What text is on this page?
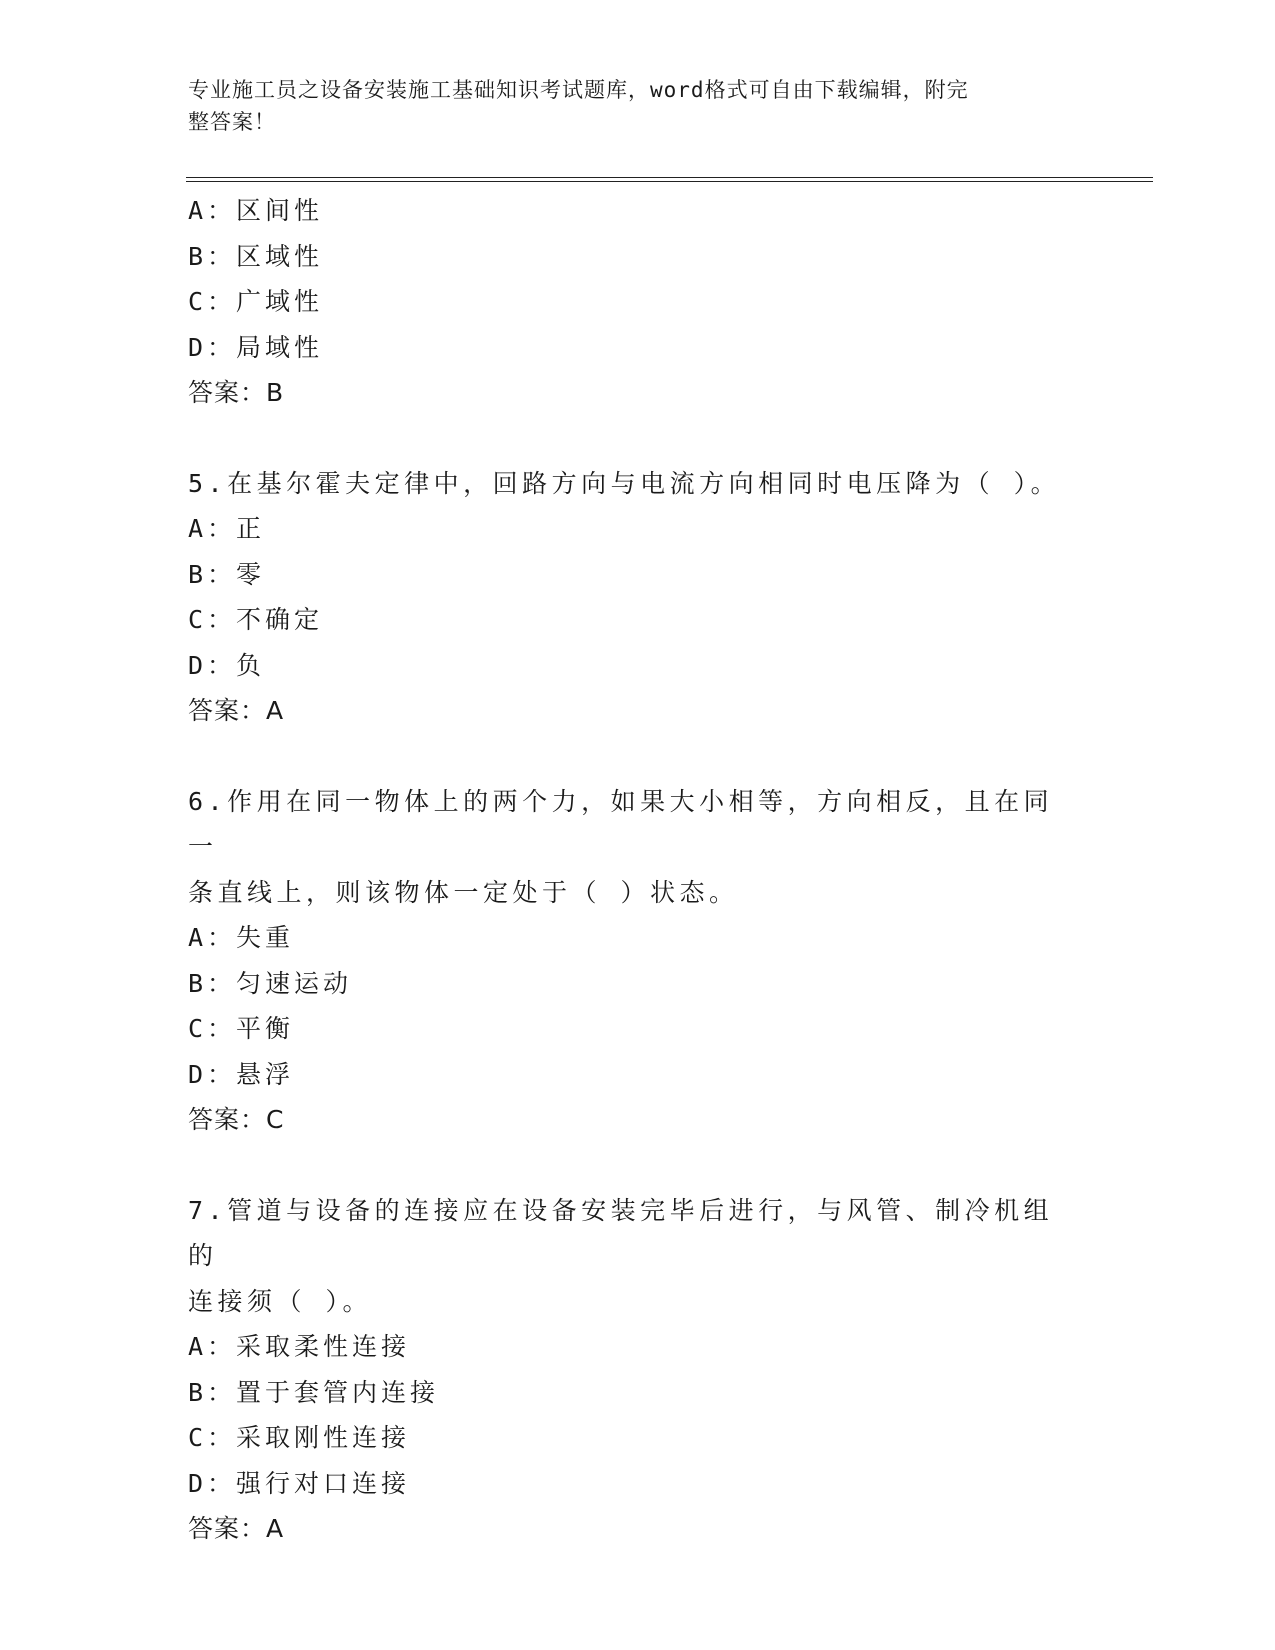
专业施工员之设备安装施工基础知识考试题库，word格式可自由下载编辑，附完
整答案！
A：区间性
B：区域性
C：广域性
D：局域性
答案：B
5.在基尔霍夫定律中，回路方向与电流方向相同时电压降为（ ）。
A：正
B：零
C：不确定
D：负
答案：A
6.作用在同一物体上的两个力，如果大小相等，方向相反，且在同一
条直线上，则该物体一定处于（ ）状态。
A：失重
B：匀速运动
C：平衡
D：悬浮
答案：C
7.管道与设备的连接应在设备安装完毕后进行，与风管、制冷机组的
连接须（ ）。
A：采取柔性连接
B：置于套管内连接
C：采取刚性连接
D：强行对口连接
答案：A
